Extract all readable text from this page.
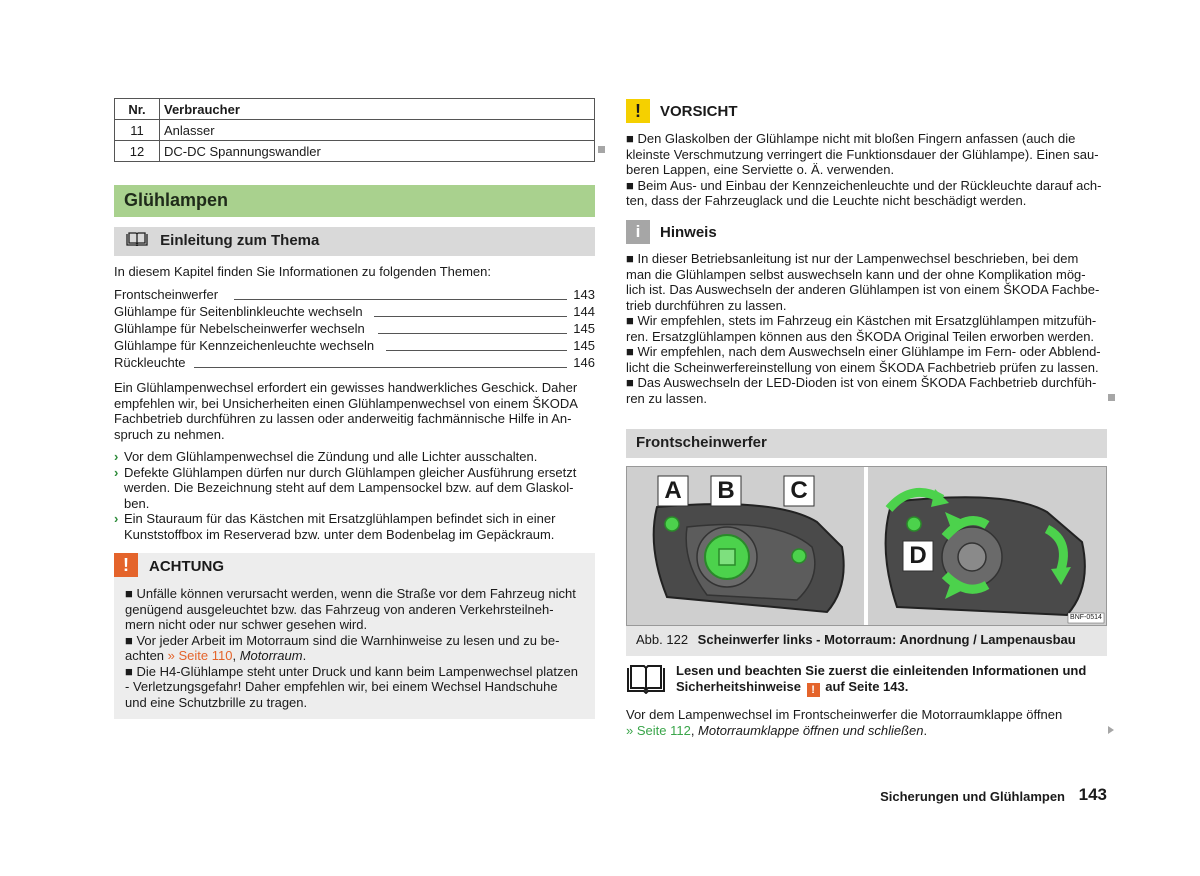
Nr.	Verbraucher
11	Anlasser
12	DC-DC Spannungswandler
Glühlampen
Einleitung zum Thema
In diesem Kapitel finden Sie Informationen zu folgenden Themen:
Frontscheinwerfer	143
Glühlampe für Seitenblinkleuchte wechseln	144
Glühlampe für Nebelscheinwerfer wechseln	145
Glühlampe für Kennzeichenleuchte wechseln	145
Rückleuchte	146
Ein Glühlampenwechsel erfordert ein gewisses handwerkliches Geschick. Daher
empfehlen wir, bei Unsicherheiten einen Glühlampenwechsel von einem ŠKODA
Fachbetrieb durchführen zu lassen oder anderweitig fachmännische Hilfe in An-
spruch zu nehmen.
› Vor dem Glühlampenwechsel die Zündung und alle Lichter ausschalten.
› Defekte Glühlampen dürfen nur durch Glühlampen gleicher Ausführung ersetzt
werden. Die Bezeichnung steht auf dem Lampensockel bzw. auf dem Glaskol-
ben.
› Ein Stauraum für das Kästchen mit Ersatzglühlampen befindet sich in einer
Kunststoffbox im Reserverad bzw. unter dem Bodenbelag im Gepäckraum.
!	ACHTUNG
■ Unfälle können verursacht werden, wenn die Straße vor dem Fahrzeug nicht
genügend ausgeleuchtet bzw. das Fahrzeug von anderen Verkehrsteilneh-
mern nicht oder nur schwer gesehen wird.
■ Vor jeder Arbeit im Motorraum sind die Warnhinweise zu lesen und zu be-
achten » Seite 110, Motorraum.
■ Die H4-Glühlampe steht unter Druck und kann beim Lampenwechsel platzen
- Verletzungsgefahr! Daher empfehlen wir, bei einem Wechsel Handschuhe
und eine Schutzbrille zu tragen.
!	VORSICHT
■ Den Glaskolben der Glühlampe nicht mit bloßen Fingern anfassen (auch die
kleinste Verschmutzung verringert die Funktionsdauer der Glühlampe). Einen sau-
beren Lappen, eine Serviette o. Ä. verwenden.
■ Beim Aus- und Einbau der Kennzeichenleuchte und der Rückleuchte darauf ach-
ten, dass der Fahrzeuglack und die Leuchte nicht beschädigt werden.
i	Hinweis
■ In dieser Betriebsanleitung ist nur der Lampenwechsel beschrieben, bei dem
man die Glühlampen selbst auswechseln kann und der ohne Komplikation mög-
lich ist. Das Auswechseln der anderen Glühlampen ist von einem ŠKODA Fachbe-
trieb durchführen zu lassen.
■ Wir empfehlen, stets im Fahrzeug ein Kästchen mit Ersatzglühlampen mitzufüh-
ren. Ersatzglühlampen können aus den ŠKODA Original Teilen erworben werden.
■ Wir empfehlen, nach dem Auswechseln einer Glühlampe im Fern- oder Abblend-
licht die Scheinwerfereinstellung von einem ŠKODA Fachbetrieb prüfen zu lassen.
■ Das Auswechseln der LED-Dioden ist von einem ŠKODA Fachbetrieb durchfüh-
ren zu lassen.
Frontscheinwerfer
A B C
D
BNF-0514
Abb. 122 Scheinwerfer links - Motorraum: Anordnung / Lampenausbau
Lesen und beachten Sie zuerst die einleitenden Informationen und
Sicherheitshinweise ! auf Seite 143.
Vor dem Lampenwechsel im Frontscheinwerfer die Motorraumklappe öffnen
» Seite 112, Motorraumklappe öffnen und schließen.
Sicherungen und Glühlampen 143
